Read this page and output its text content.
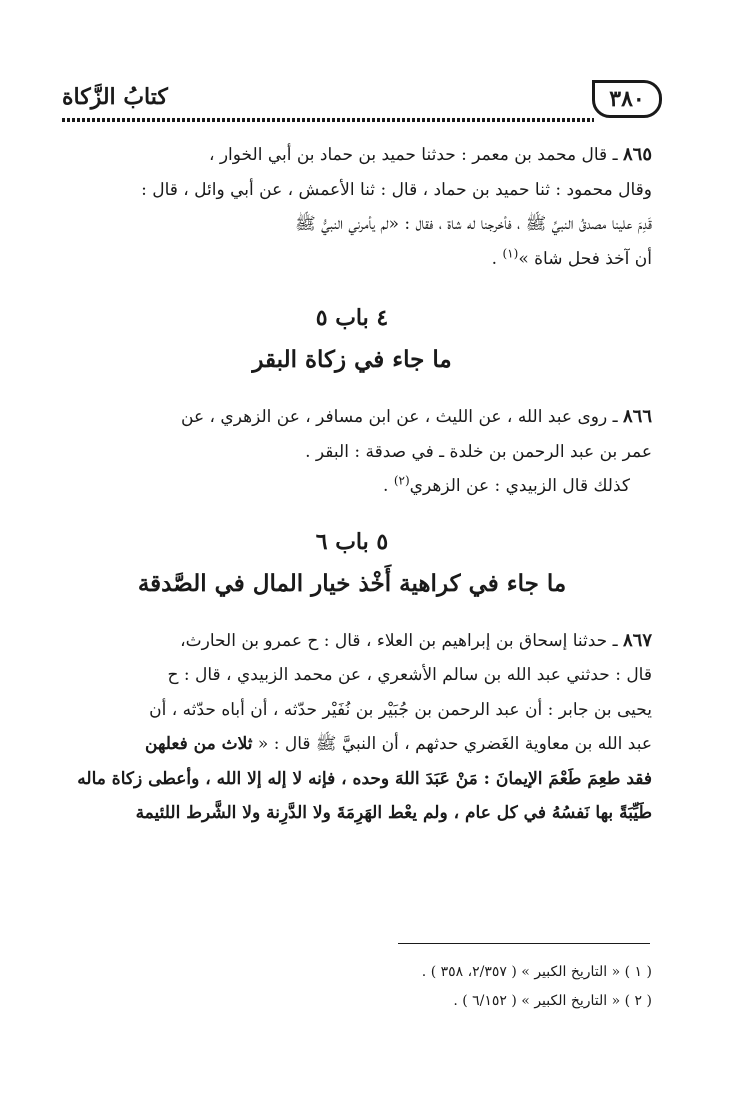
كتابُ الزَّكاة	٣٨٠

٨٦٥ ـ قال محمد بن معمر : حدثنا حميد بن حماد بن أبي الخوار ،

وقال محمود : ثنا حميد بن حماد ، قال : ثنا الأعمش ، عن أبي وائل ، قال :

قَدِمَ علينا مصدقُ النبيِّ ﷺ ، فأخرجنا له شاة ، فقال : «لم يأمرني النبيُّ ﷺ

أن آخذ فحل شاة »$^{(١)}$ .

٤ باب ٥

ما جاء في زكاة البقر

٨٦٦ ـ روى عبد الله ، عن الليث ، عن ابن مسافر ، عن الزهري ، عن

عمر بن عبد الرحمن بن خلدة ـ في صدقة : البقر .

كذلك قال الزبيدي : عن الزهري$^{(٢)}$ .

٥ باب ٦

ما جاء في كراهية أَخْذ خيار المال في الصَّدقة

٨٦٧ ـ حدثنا إسحاق بن إبراهيم بن العلاء ، قال : ح عمرو بن الحارث،

قال : حدثني عبد الله بن سالم الأشعري ، عن محمد الزبيدي ، قال : ح

يحيى بن جابر : أن عبد الرحمن بن جُبَيْر بن نُفَيْر حدّثه ، أن أباه حدّثه ، أن

عبد الله بن معاوية الغَضري حدثهم ، أن النبيَّ ﷺ قال : « ثلاث من فعلهن

فقد طعِمَ طَعْمَ الإيمانَ : مَنْ عَبَدَ اللهَ وحده ، فإنه لا إله إلا الله ، وأعطى زكاة ماله

طَيِّبَةً بها نَفسُهُ في كل عام ، ولم يعْط الهَرِمَةَ ولا الدَّرِنة ولا الشَّرط اللئيمة

( ١ ) « التاريخ الكبير » ( ٢/٣٥٧، ٣٥٨ ) .

( ٢ ) « التاريخ الكبير » ( ٦/١٥٢ ) .
